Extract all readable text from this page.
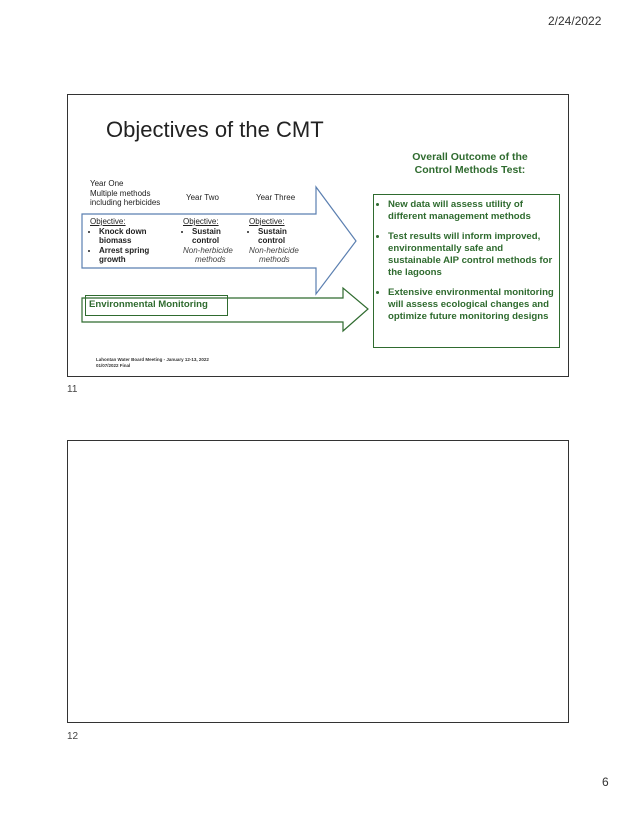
2/24/2022
Objectives of the CMT
Overall Outcome of the
Control Methods Test:
Year One
Multiple methods
including herbicides
Year Two	Year Three
Objective:
• Knock down
biomass
• Arrest spring
growth
Objective:
• Sustain
control
Non-herbicide
methods
Objective:
• Sustain
control
Non-herbicide
methods
• New data will assess utility of different management methods
• Test results will inform improved, environmentally safe and sustainable AIP control methods for the lagoons
• Extensive environmental monitoring will assess ecological changes and optimize future monitoring designs
Environmental Monitoring
Lahontan Water Board Meeting - January 12-13, 2022
01/07/2022 Final
11
12
6
